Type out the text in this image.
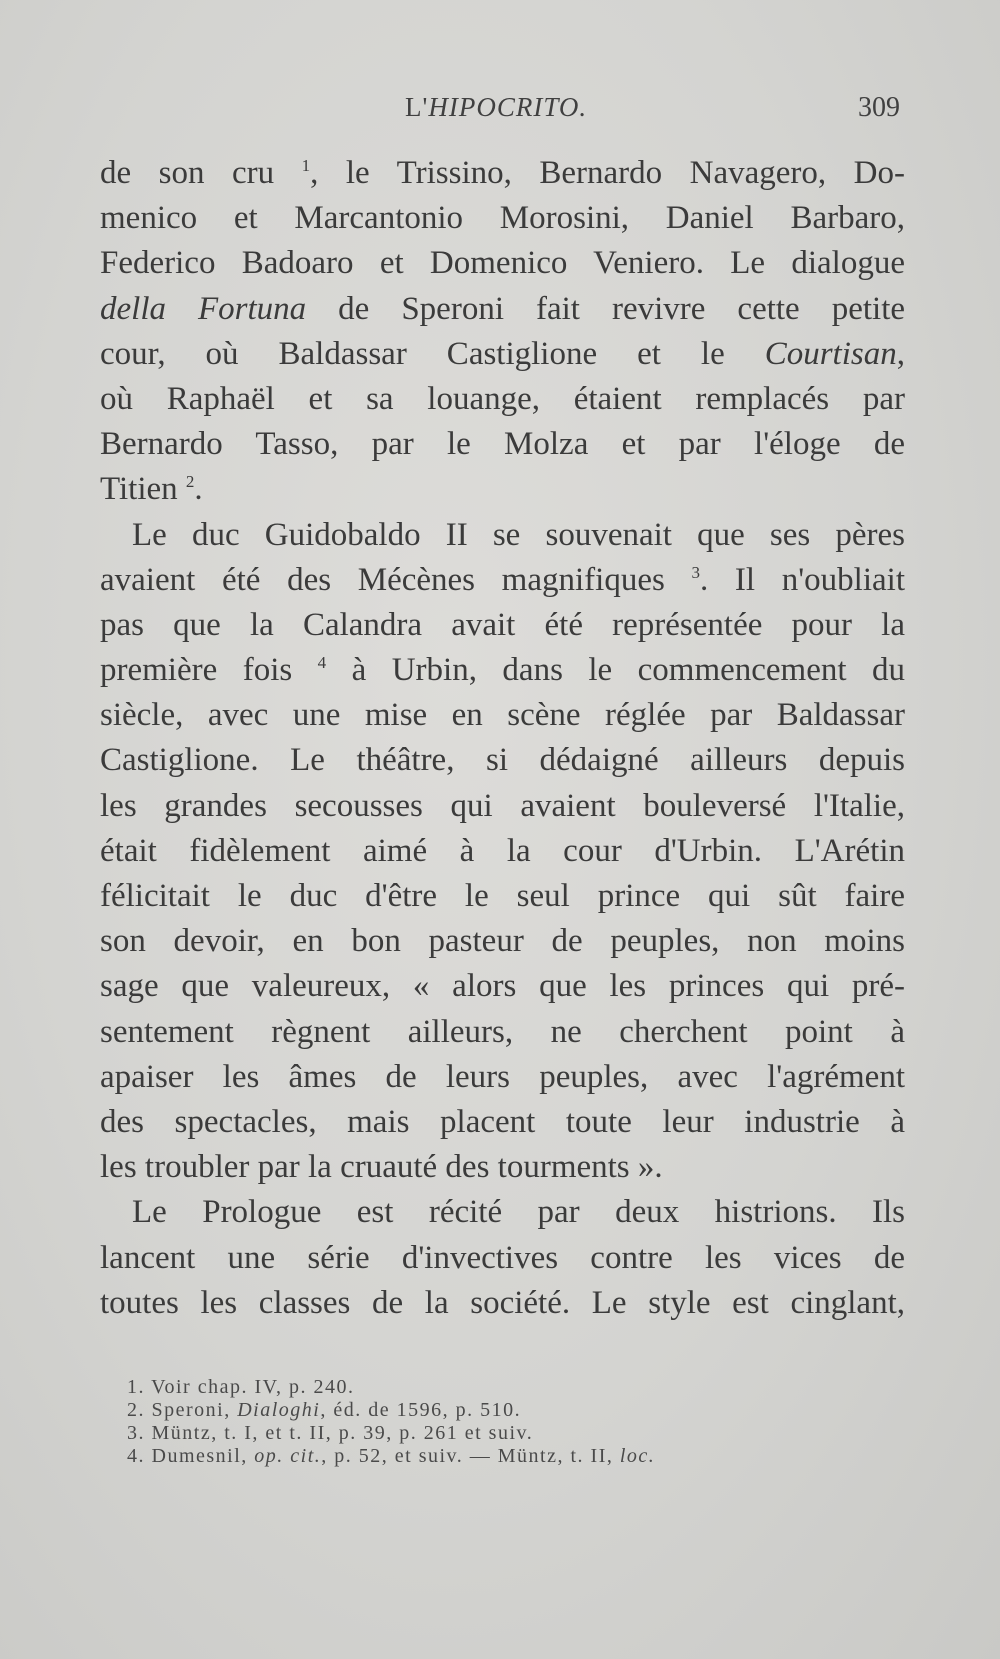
L'HIPOCRITO.	309
de son cru $^1$, le Trissino, Bernardo Navagero, Do-
menico et Marcantonio Morosini, Daniel Barbaro,
Federico Badoaro et Domenico Veniero. Le dialogue
della Fortuna de Speroni fait revivre cette petite
cour, où Baldassar Castiglione et le Courtisan,
où Raphaël et sa louange, étaient remplacés par
Bernardo Tasso, par le Molza et par l'éloge de
Titien $^2$.
Le duc Guidobaldo II se souvenait que ses pères
avaient été des Mécènes magnifiques $^3$. Il n'oubliait
pas que la Calandra avait été représentée pour la
première fois $^4$ à Urbin, dans le commencement du
siècle, avec une mise en scène réglée par Baldassar
Castiglione. Le théâtre, si dédaigné ailleurs depuis
les grandes secousses qui avaient bouleversé l'Italie,
était fidèlement aimé à la cour d'Urbin. L'Arétin
félicitait le duc d'être le seul prince qui sût faire
son devoir, en bon pasteur de peuples, non moins
sage que valeureux, « alors que les princes qui pré-
sentement règnent ailleurs, ne cherchent point à
apaiser les âmes de leurs peuples, avec l'agrément
des spectacles, mais placent toute leur industrie à
les troubler par la cruauté des tourments ».
Le Prologue est récité par deux histrions. Ils
lancent une série d'invectives contre les vices de
toutes les classes de la société. Le style est cinglant,
1. Voir chap. IV, p. 240.
2. Speroni, Dialoghi, éd. de 1596, p. 510.
3. Müntz, t. I, et t. II, p. 39, p. 261 et suiv.
4. Dumesnil, op. cit., p. 52, et suiv. — Müntz, t. II, loc.
